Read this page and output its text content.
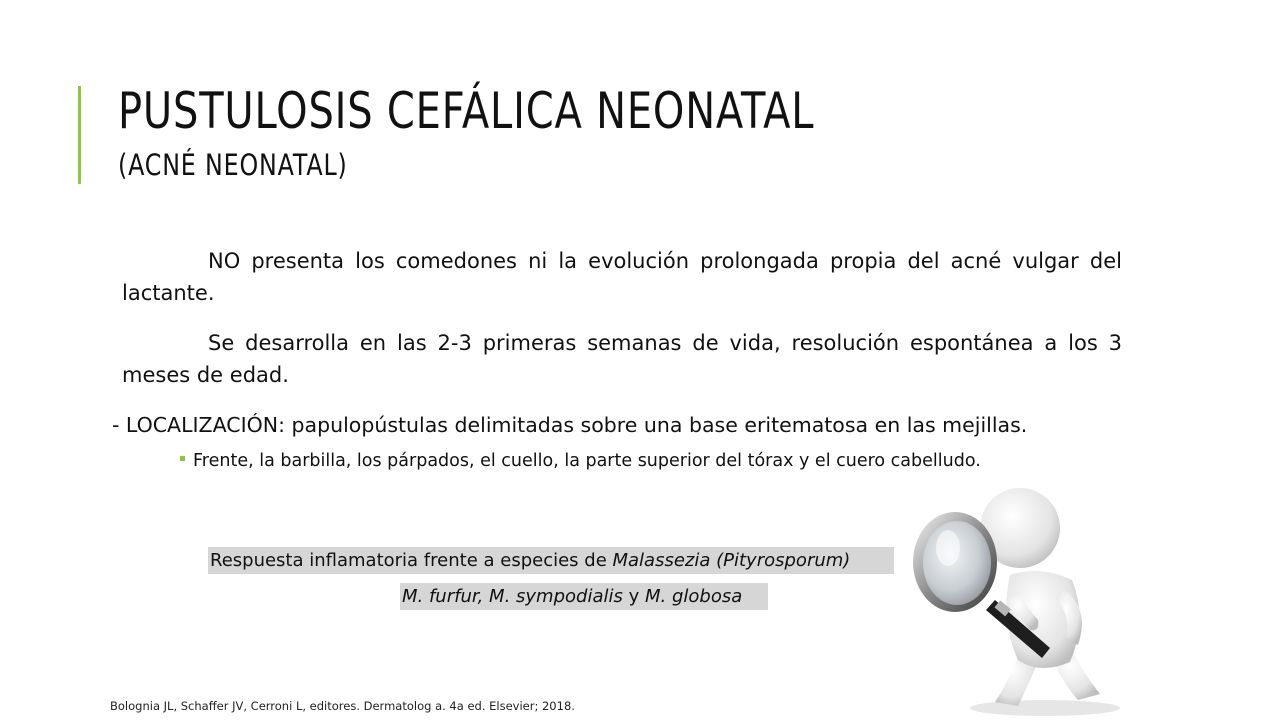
PUSTULOSIS CEFÁLICA NEONATAL
(ACNÉ NEONATAL)

NO presenta los comedones ni la evolución prolongada propia del acné vulgar del lactante.

Se desarrolla en las 2-3 primeras semanas de vida, resolución espontánea a los 3 meses de edad.

- LOCALIZACIÓN: papulopústulas delimitadas sobre una base eritematosa en las mejillas.

Frente, la barbilla, los párpados, el cuello, la parte superior del tórax y el cuero cabelludo.

Respuesta inflamatoria frente a especies de Malassezia (Pityrosporum)

M. furfur, M. sympodialis y M. globosa

Bolognia JL, Schaffer JV, Cerroni L, editores. Dermatolog a. 4a ed. Elsevier; 2018.
